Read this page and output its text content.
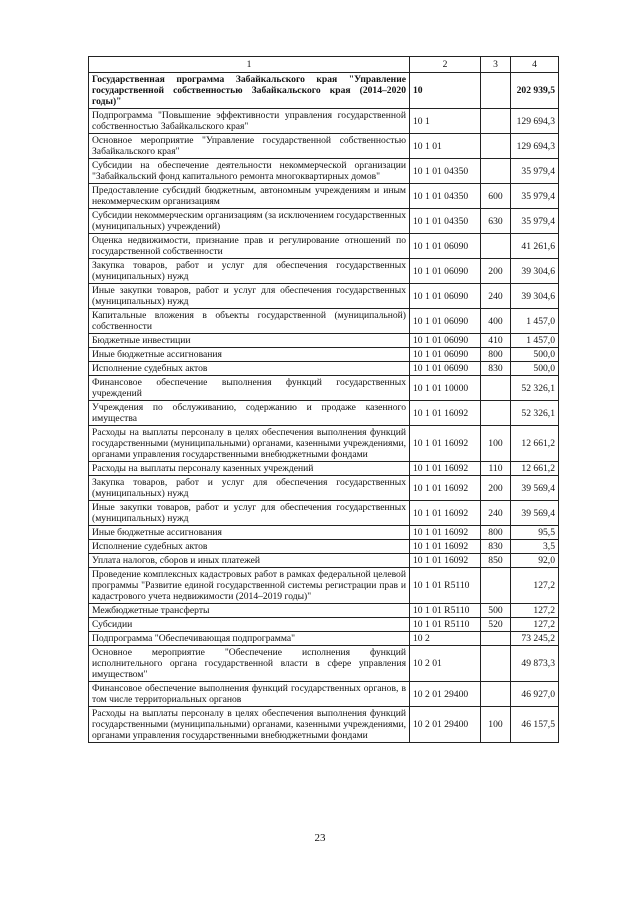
1	2	3	4
Государственная программа Забайкальского края "Управление государственной собственностью Забайкальского края (2014–2020 годы)"	10		202 939,5
Подпрограмма "Повышение эффективности управления государственной собственностью Забайкальского края"	10 1		129 694,3
Основное мероприятие "Управление государственной собственностью Забайкальского края"	10 1 01		129 694,3
Субсидии на обеспечение деятельности некоммерческой организации "Забайкальский фонд капитального ремонта многоквартирных домов"	10 1 01 04350		35 979,4
Предоставление субсидий бюджетным, автономным учреждениям и иным некоммерческим организациям	10 1 01 04350	600	35 979,4
Субсидии некоммерческим организациям (за исключением государственных (муниципальных) учреждений)	10 1 01 04350	630	35 979,4
Оценка недвижимости, признание прав и регулирование отношений по государственной собственности	10 1 01 06090		41 261,6
Закупка товаров, работ и услуг для обеспечения государственных (муниципальных) нужд	10 1 01 06090	200	39 304,6
Иные закупки товаров, работ и услуг для обеспечения государственных (муниципальных) нужд	10 1 01 06090	240	39 304,6
Капитальные вложения в объекты государственной (муниципальной) собственности	10 1 01 06090	400	1 457,0
Бюджетные инвестиции	10 1 01 06090	410	1 457,0
Иные бюджетные ассигнования	10 1 01 06090	800	500,0
Исполнение судебных актов	10 1 01 06090	830	500,0
Финансовое обеспечение выполнения функций государственных учреждений	10 1 01 10000		52 326,1
Учреждения по обслуживанию, содержанию и продаже казенного имущества	10 1 01 16092		52 326,1
Расходы на выплаты персоналу в целях обеспечения выполнения функций государственными (муниципальными) органами, казенными учреждениями, органами управления государственными внебюджетными фондами	10 1 01 16092	100	12 661,2
Расходы на выплаты персоналу казенных учреждений	10 1 01 16092	110	12 661,2
Закупка товаров, работ и услуг для обеспечения государственных (муниципальных) нужд	10 1 01 16092	200	39 569,4
Иные закупки товаров, работ и услуг для обеспечения государственных (муниципальных) нужд	10 1 01 16092	240	39 569,4
Иные бюджетные ассигнования	10 1 01 16092	800	95,5
Исполнение судебных актов	10 1 01 16092	830	3,5
Уплата налогов, сборов и иных платежей	10 1 01 16092	850	92,0
Проведение комплексных кадастровых работ в рамках федеральной целевой программы "Развитие единой государственной системы регистрации прав и кадастрового учета недвижимости (2014–2019 годы)"	10 1 01 R5110		127,2
Межбюджетные трансферты	10 1 01 R5110	500	127,2
Субсидии	10 1 01 R5110	520	127,2
Подпрограмма "Обеспечивающая подпрограмма"	10 2		73 245,2
Основное мероприятие "Обеспечение исполнения функций исполнительного органа государственной власти в сфере управления имуществом"	10 2 01		49 873,3
Финансовое обеспечение выполнения функций государственных органов, в том числе территориальных органов	10 2 01 29400		46 927,0
Расходы на выплаты персоналу в целях обеспечения выполнения функций государственными (муниципальными) органами, казенными учреждениями, органами управления государственными внебюджетными фондами	10 2 01 29400	100	46 157,5
23
